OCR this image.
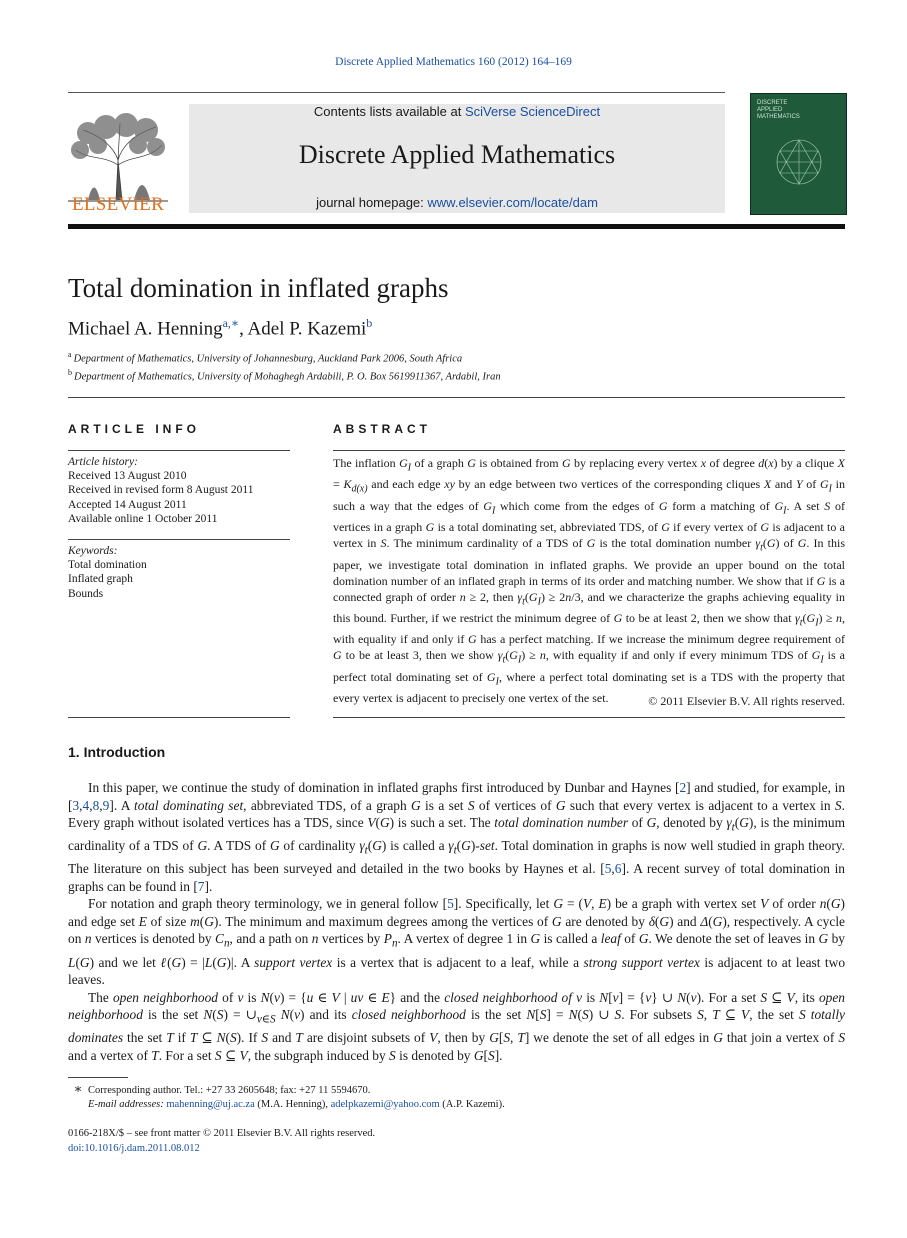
Discrete Applied Mathematics 160 (2012) 164–169
ELSEVIER
Contents lists available at SciVerse ScienceDirect
Discrete Applied Mathematics
journal homepage: www.elsevier.com/locate/dam
DISCRETE
APPLIED
MATHEMATICS
Total domination in inflated graphs
Michael A. Henning$^{a,∗}$, Adel P. Kazemi$^b$
$^a$ Department of Mathematics, University of Johannesburg, Auckland Park 2006, South Africa
$^b$ Department of Mathematics, University of Mohaghegh Ardabili, P. O. Box 5619911367, Ardabil, Iran
ARTICLE INFO
Article history:
Received 13 August 2010
Received in revised form 8 August 2011
Accepted 14 August 2011
Available online 1 October 2011
Keywords:
Total domination
Inflated graph
Bounds
ABSTRACT
The inflation $G_I$ of a graph G is obtained from G by replacing every vertex x of degree d(x) by a clique $X = K_{d(x)}$ and each edge xy by an edge between two vertices of the corresponding cliques X and Y of $G_I$ in such a way that the edges of $G_I$ which come from the edges of G form a matching of $G_I$. A set S of vertices in a graph G is a total dominating set, abbreviated TDS, of G if every vertex of G is adjacent to a vertex in S. The minimum cardinality of a TDS of G is the total domination number $\gamma_t(G)$ of G. In this paper, we investigate total domination in inflated graphs. We provide an upper bound on the total domination number of an inflated graph in terms of its order and matching number. We show that if G is a connected graph of order n ≥ 2, then $\gamma_t(G_I) \ge 2n/3$, and we characterize the graphs achieving equality in this bound. Further, if we restrict the minimum degree of G to be at least 2, then we show that $\gamma_t(G_I) \ge n$, with equality if and only if G has a perfect matching. If we increase the minimum degree requirement of G to be at least 3, then we show $\gamma_t(G_I) \ge n$, with equality if and only if every minimum TDS of $G_I$ is a perfect total dominating set of $G_I$, where a perfect total dominating set is a TDS with the property that every vertex is adjacent to precisely one vertex of the set.	© 2011 Elsevier B.V. All rights reserved.
1. Introduction

In this paper, we continue the study of domination in inflated graphs first introduced by Dunbar and Haynes [2] and studied, for example, in [3,4,8,9]. A total dominating set, abbreviated TDS, of a graph G is a set S of vertices of G such that every vertex is adjacent to a vertex in S. Every graph without isolated vertices has a TDS, since V(G) is such a set. The total domination number of G, denoted by $\gamma_t(G)$, is the minimum cardinality of a TDS of G. A TDS of G of cardinality $\gamma_t(G)$ is called a $\gamma_t(G)$-set. Total domination in graphs is now well studied in graph theory. The literature on this subject has been surveyed and detailed in the two books by Haynes et al. [5,6]. A recent survey of total domination in graphs can be found in [7].

For notation and graph theory terminology, we in general follow [5]. Specifically, let G = (V, E) be a graph with vertex set V of order n(G) and edge set E of size m(G). The minimum and maximum degrees among the vertices of G are denoted by δ(G) and Δ(G), respectively. A cycle on n vertices is denoted by $C_n$, and a path on n vertices by $P_n$. A vertex of degree 1 in G is called a leaf of G. We denote the set of leaves in G by L(G) and we let ℓ(G) = |L(G)|. A support vertex is a vertex that is adjacent to a leaf, while a strong support vertex is adjacent to at least two leaves.

The open neighborhood of v is N(v) = {u ∈ V | uv ∈ E} and the closed neighborhood of v is N[v] = {v} ∪ N(v). For a set S ⊆ V, its open neighborhood is the set $N(S) = \cup_{v\in S}$ N(v) and its closed neighborhood is the set N[S] = N(S) ∪ S. For subsets S, T ⊆ V, the set S totally dominates the set T if T ⊆ N(S). If S and T are disjoint subsets of V, then by G[S, T] we denote the set of all edges in G that join a vertex of S and a vertex of T. For a set S ⊆ V, the subgraph induced by S is denoted by G[S].

∗ Corresponding author. Tel.: +27 33 2605648; fax: +27 11 5594670.
E-mail addresses: mahenning@uj.ac.za (M.A. Henning), adelpkazemi@yahoo.com (A.P. Kazemi).
0166-218X/$ – see front matter © 2011 Elsevier B.V. All rights reserved.
doi:10.1016/j.dam.2011.08.012
